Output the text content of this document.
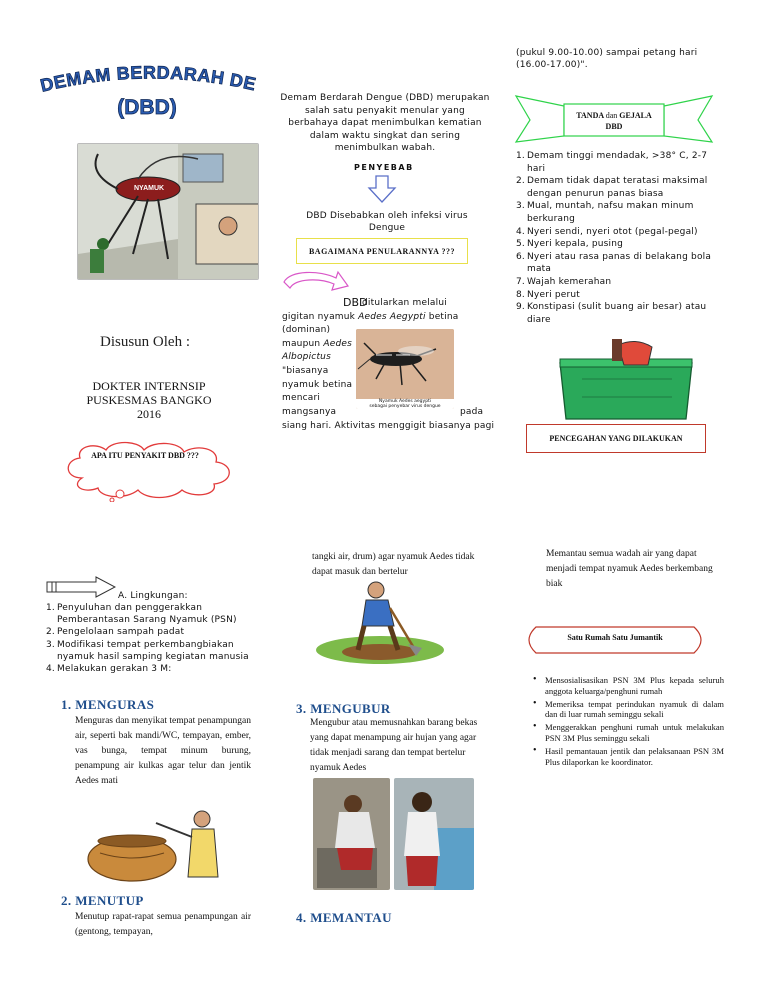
DEMAM BERDARAH DE
(DBD)
NYAMUK
Disusun Oleh :
DOKTER INTERNSIP
PUSKESMAS BANGKO
2016
APA ITU PENYAKIT DBD ???
Demam Berdarah Dengue (DBD) merupakan salah satu penyakit menular yang berbahaya dapat menimbulkan kematian dalam waktu singkat dan sering menimbulkan wabah.
PENYEBAB
DBD Disebabkan oleh infeksi virus Dengue
BAGAIMANA PENULARANNYA ???
DBD
ditularkan melalui
gigitan nyamuk Aedes Aegypti betina
(dominan)
maupun Aedes
Albopictus
"biasanya
nyamuk betina
mencari
mangsanya
Nyamuk Aedes aegypti
sebagai penyebar virus dengue
pada
siang hari. Aktivitas menggigit biasanya pagi
(pukul 9.00-10.00) sampai petang hari
(16.00-17.00)".
TANDA dan GEJALA
DBD
1. Demam tinggi mendadak, >38° C, 2-7 hari
2. Demam tidak dapat teratasi maksimal dengan penurun panas biasa
3. Mual, muntah, nafsu makan minum berkurang
4. Nyeri sendi, nyeri otot (pegal-pegal)
5. Nyeri kepala, pusing
6. Nyeri atau rasa panas di belakang bola mata
7. Wajah kemerahan
8. Nyeri perut
9. Konstipasi (sulit buang air besar) atau diare
PENCEGAHAN YANG DILAKUKAN
A. Lingkungan:
1. Penyuluhan dan penggerakkan Pemberantasan Sarang Nyamuk (PSN)
2. Pengelolaan sampah padat
3. Modifikasi tempat perkembangbiakan nyamuk hasil samping kegiatan manusia
4. Melakukan gerakan 3 M:
1. MENGURAS
Menguras dan menyikat tempat penampungan air, seperti bak mandi/WC, tempayan, ember, vas bunga, tempat minum burung, penampung air kulkas agar telur dan jentik Aedes mati
2. MENUTUP
Menutup rapat-rapat semua penampungan air (gentong, tempayan,
tangki air, drum) agar nyamuk Aedes tidak dapat masuk dan bertelur
3. MENGUBUR
Mengubur atau memusnahkan barang bekas yang dapat menampung air hujan yang agar tidak menjadi sarang dan tempat bertelur nyamuk Aedes
4. MEMANTAU
Memantau semua wadah air yang dapat menjadi tempat nyamuk Aedes berkembang biak
Satu Rumah Satu Jumantik
• Mensosialisasikan PSN 3M Plus kepada seluruh anggota keluarga/penghuni rumah
• Memeriksa tempat perindukan nyamuk di dalam dan di luar rumah seminggu sekali
• Menggerakkan penghuni rumah untuk melakukan PSN 3M Plus seminggu sekali
• Hasil pemantauan jentik dan pelaksanaan PSN 3M Plus dilaporkan ke koordinator.
